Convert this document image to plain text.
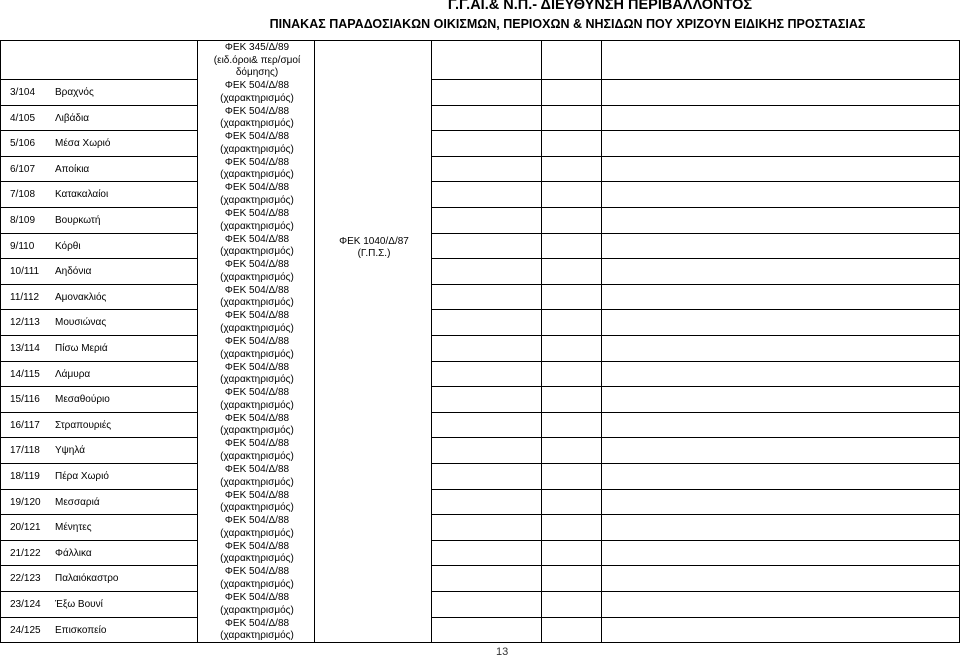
Γ.Γ.ΑΙ.& Ν.Π.- ΔΙΕΥΘΥΝΣΗ ΠΕΡΙΒΑΛΛΟΝΤΟΣ
ΠΙΝΑΚΑΣ ΠΑΡΑΔΟΣΙΑΚΩΝ ΟΙΚΙΣΜΩΝ, ΠΕΡΙΟΧΩΝ & ΝΗΣΙΔΩΝ ΠΟΥ ΧΡΙΖΟΥΝ ΕΙΔΙΚΗΣ ΠΡΟΣΤΑΣΙΑΣ
ΦΕΚ 345/Δ/89
(ειδ.όροι& περ/σμοί
δόμησης)
3/104 Βραχνός
ΦΕΚ 504/Δ/88
(χαρακτηρισμός)
4/105 Λιβάδια
ΦΕΚ 504/Δ/88
(χαρακτηρισμός)
5/106 Μέσα Χωριό
ΦΕΚ 504/Δ/88
(χαρακτηρισμός)
6/107 Αποίκια
ΦΕΚ 504/Δ/88
(χαρακτηρισμός)
7/108 Κατακαλαίοι
ΦΕΚ 504/Δ/88
(χαρακτηρισμός)
8/109 Βουρκωτή
ΦΕΚ 504/Δ/88
(χαρακτηρισμός)
9/110 Κόρθι
ΦΕΚ 504/Δ/88
(χαρακτηρισμός)
10/111 Αηδόνια
ΦΕΚ 504/Δ/88
(χαρακτηρισμός)
11/112 Αμονακλιός
ΦΕΚ 504/Δ/88
(χαρακτηρισμός)
12/113 Μουσιώνας
ΦΕΚ 504/Δ/88
(χαρακτηρισμός)
13/114 Πίσω Μεριά
ΦΕΚ 504/Δ/88
(χαρακτηρισμός)
14/115 Λάμυρα
ΦΕΚ 504/Δ/88
(χαρακτηρισμός)
15/116 Μεσαθούριο
ΦΕΚ 504/Δ/88
(χαρακτηρισμός)
16/117 Στραπουριές
ΦΕΚ 504/Δ/88
(χαρακτηρισμός)
17/118 Υψηλά
ΦΕΚ 504/Δ/88
(χαρακτηρισμός)
18/119 Πέρα Χωριό
ΦΕΚ 504/Δ/88
(χαρακτηρισμός)
19/120 Μεσσαριά
ΦΕΚ 504/Δ/88
(χαρακτηρισμός)
20/121 Μένητες
ΦΕΚ 504/Δ/88
(χαρακτηρισμός)
21/122 Φάλλικα
ΦΕΚ 504/Δ/88
(χαρακτηρισμός)
22/123 Παλαιόκαστρο
ΦΕΚ 504/Δ/88
(χαρακτηρισμός)
23/124 Έξω Βουνί
ΦΕΚ 504/Δ/88
(χαρακτηρισμός)
24/125 Επισκοπείο
ΦΕΚ 504/Δ/88
(χαρακτηρισμός)
ΦΕΚ 1040/Δ/87
(Γ.Π.Σ.)
13
